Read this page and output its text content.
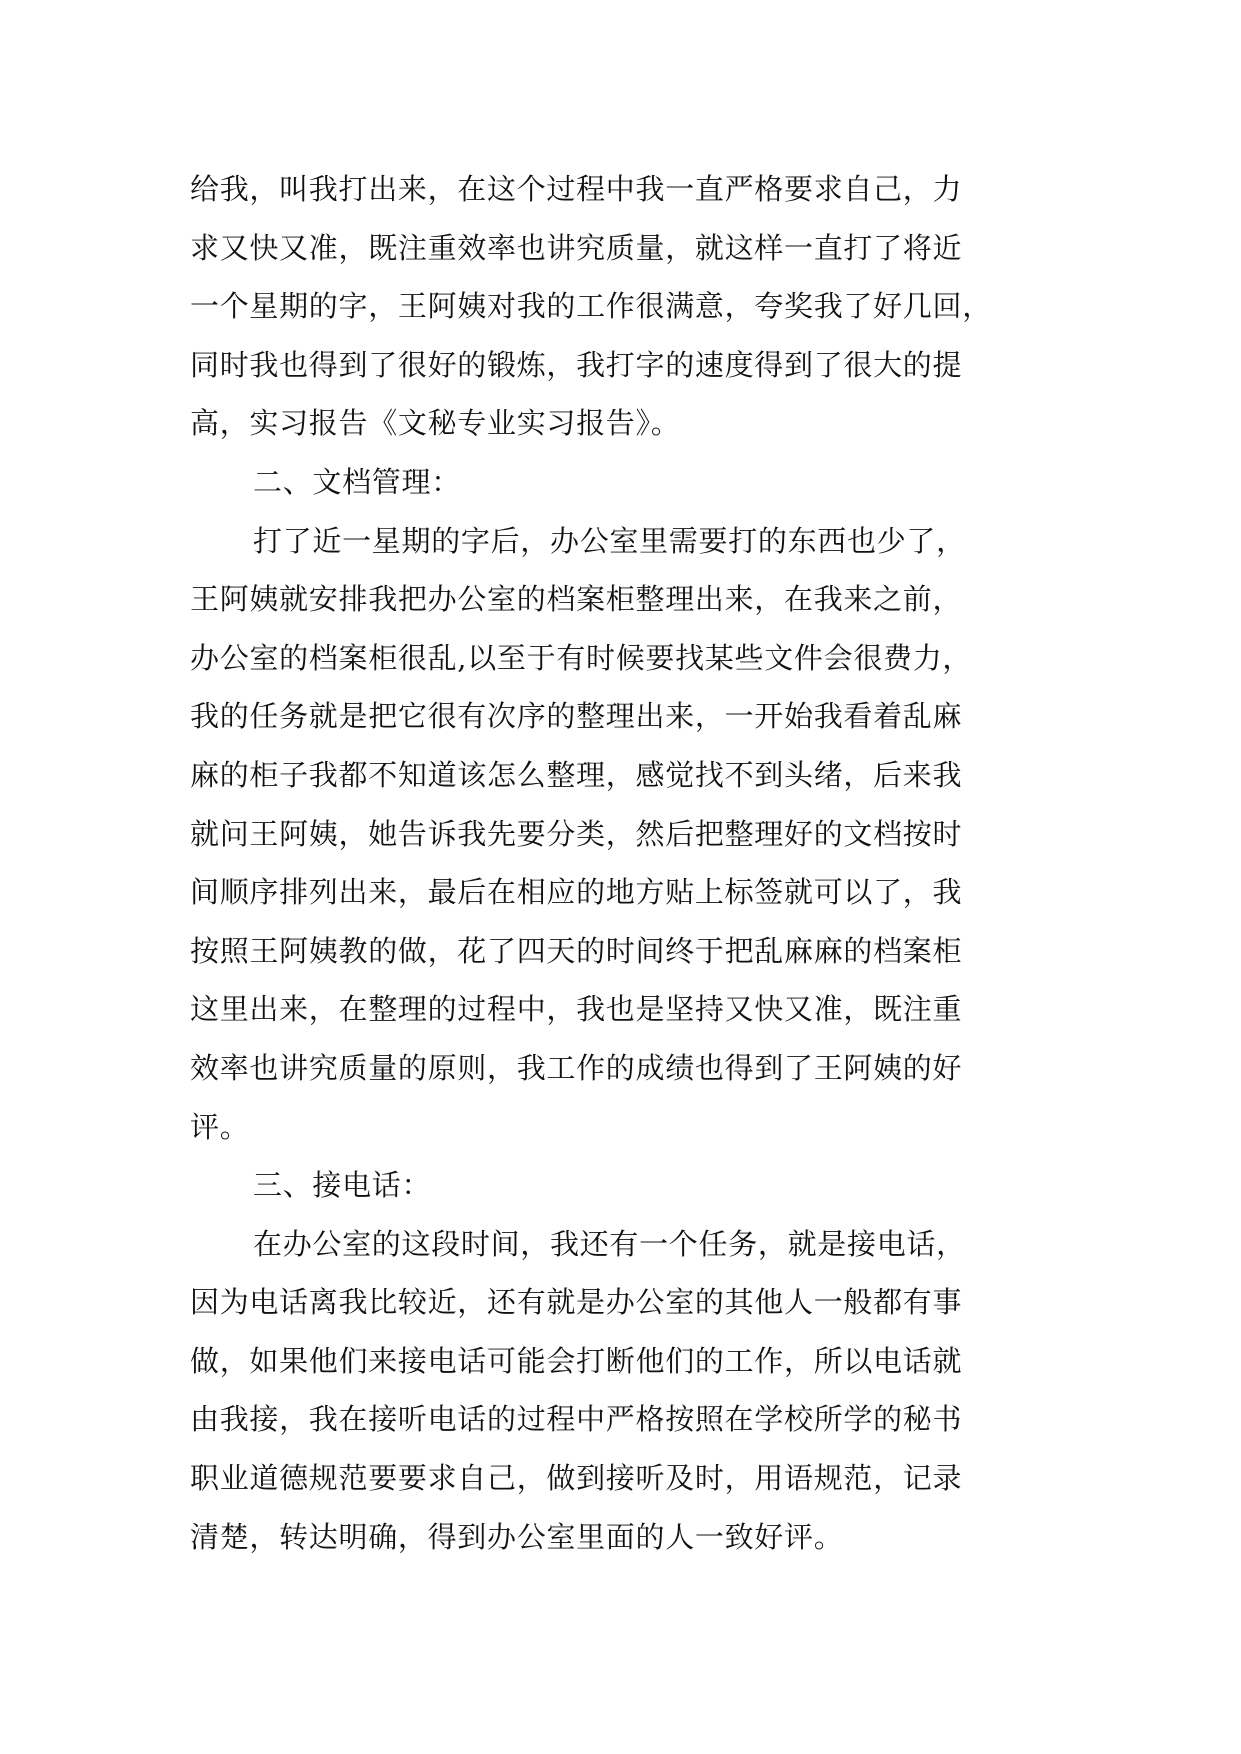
给我，叫我打出来，在这个过程中我一直严格要求自己，力
求又快又准，既注重效率也讲究质量，就这样一直打了将近
一个星期的字，王阿姨对我的工作很满意，夸奖我了好几回，
同时我也得到了很好的锻炼，我打字的速度得到了很大的提
高，实习报告《文秘专业实习报告》。
二、文档管理：
打了近一星期的字后，办公室里需要打的东西也少了，
王阿姨就安排我把办公室的档案柜整理出来，在我来之前，
办公室的档案柜很乱,以至于有时候要找某些文件会很费力，
我的任务就是把它很有次序的整理出来，一开始我看着乱麻
麻的柜子我都不知道该怎么整理，感觉找不到头绪，后来我
就问王阿姨，她告诉我先要分类，然后把整理好的文档按时
间顺序排列出来，最后在相应的地方贴上标签就可以了，我
按照王阿姨教的做，花了四天的时间终于把乱麻麻的档案柜
这里出来，在整理的过程中，我也是坚持又快又准，既注重
效率也讲究质量的原则，我工作的成绩也得到了王阿姨的好
评。
三、接电话：
在办公室的这段时间，我还有一个任务，就是接电话，
因为电话离我比较近，还有就是办公室的其他人一般都有事
做，如果他们来接电话可能会打断他们的工作，所以电话就
由我接，我在接听电话的过程中严格按照在学校所学的秘书
职业道德规范要要求自己，做到接听及时，用语规范，记录
清楚，转达明确，得到办公室里面的人一致好评。
